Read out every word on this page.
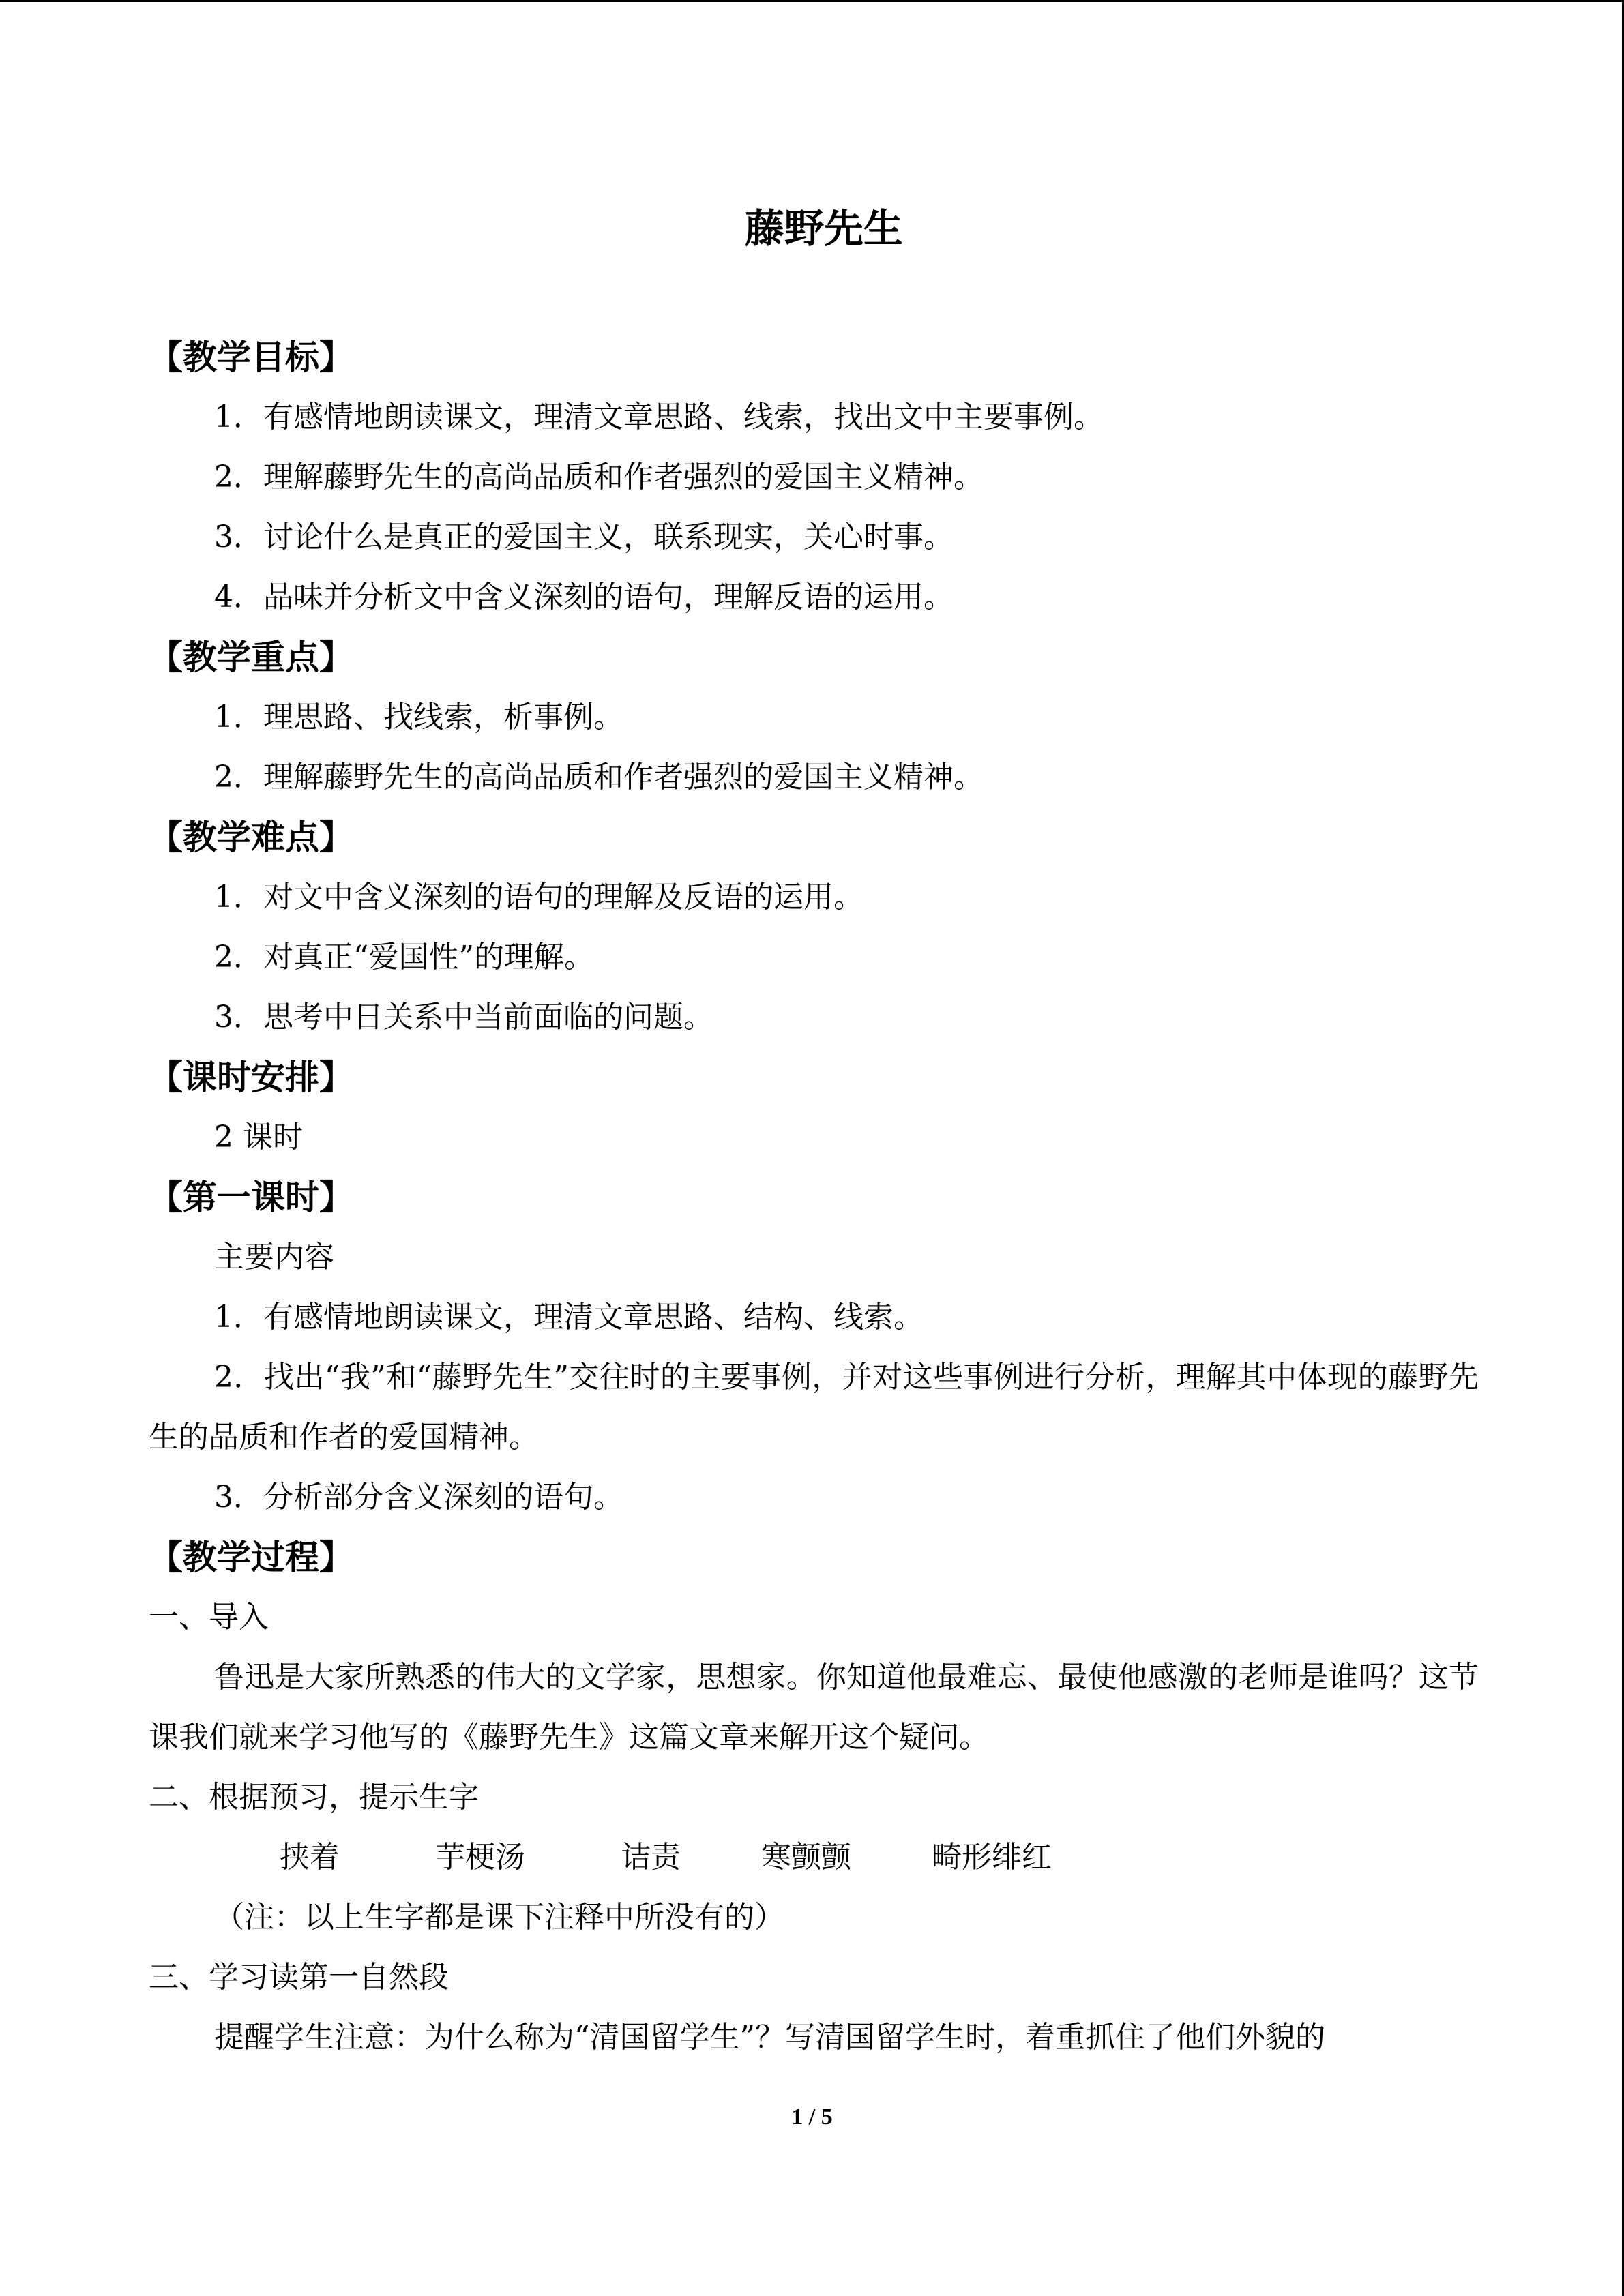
藤野先生

【教学目标】

1．有感情地朗读课文，理清文章思路、线索，找出文中主要事例。

2．理解藤野先生的高尚品质和作者强烈的爱国主义精神。

3．讨论什么是真正的爱国主义，联系现实，关心时事。

4．品味并分析文中含义深刻的语句，理解反语的运用。

【教学重点】

1．理思路、找线索，析事例。

2．理解藤野先生的高尚品质和作者强烈的爱国主义精神。

【教学难点】

1．对文中含义深刻的语句的理解及反语的运用。

2．对真正“爱国性”的理解。

3．思考中日关系中当前面临的问题。

【课时安排】

2 课时

【第一课时】

主要内容

1．有感情地朗读课文，理清文章思路、结构、线索。

2．找出“我”和“藤野先生”交往时的主要事例，并对这些事例进行分析，理解其中体现的藤野先生的品质和作者的爱国精神。

3．分析部分含义深刻的语句。

【教学过程】

一、导入

鲁迅是大家所熟悉的伟大的文学家，思想家。你知道他最难忘、最使他感激的老师是谁吗？这节课我们就来学习他写的《藤野先生》这篇文章来解开这个疑问。

二、根据预习，提示生字

挟着	芋梗汤	诘责	寒颤颤	畸形绯红

（注：以上生字都是课下注释中所没有的）

三、学习读第一自然段

提醒学生注意：为什么称为“清国留学生”？写清国留学生时，着重抓住了他们外貌的

1 / 5
